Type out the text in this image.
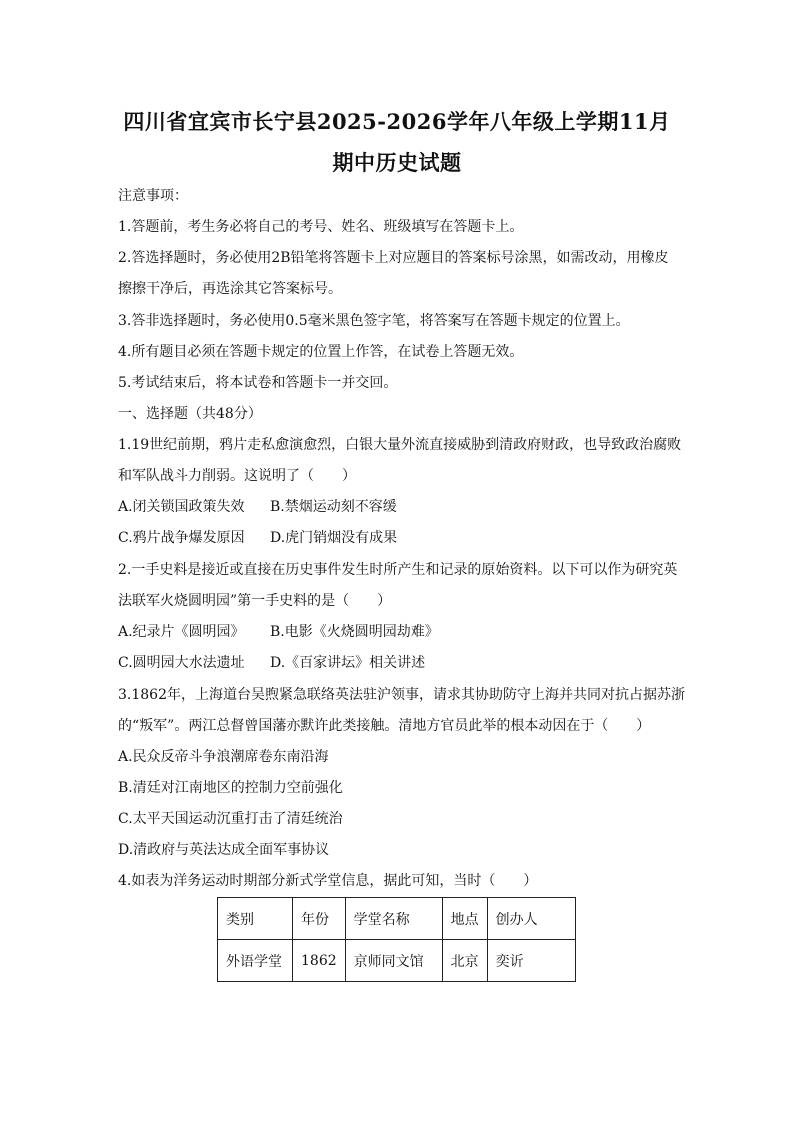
四川省宜宾市长宁县2025-2026学年八年级上学期11月
期中历史试题
注意事项：
1.答题前，考生务必将自己的考号、姓名、班级填写在答题卡上。
2.答选择题时，务必使用2B铅笔将答题卡上对应题目的答案标号涂黑，如需改动，用橡皮
擦擦干净后，再选涂其它答案标号。
3.答非选择题时，务必使用0.5毫米黑色签字笔，将答案写在答题卡规定的位置上。
4.所有题目必须在答题卡规定的位置上作答，在试卷上答题无效。
5.考试结束后，将本试卷和答题卡一并交回。
一、选择题（共48分）
1.19世纪前期，鸦片走私愈演愈烈，白银大量外流直接威胁到清政府财政，也导致政治腐败
和军队战斗力削弱。这说明了（　　）
A.闭关锁国政策失效 B.禁烟运动刻不容缓
C.鸦片战争爆发原因 D.虎门销烟没有成果
2.一手史料是接近或直接在历史事件发生时所产生和记录的原始资料。以下可以作为研究英
法联军火烧圆明园”第一手史料的是（　　）
A.纪录片《圆明园》 B.电影《火烧圆明园劫难》
C.圆明园大水法遗址 D.《百家讲坛》相关讲述
3.1862年，上海道台吴煦紧急联络英法驻沪领事，请求其协助防守上海并共同对抗占据苏浙
的“叛军”。两江总督曾国藩亦默许此类接触。清地方官员此举的根本动因在于（　　）
A.民众反帝斗争浪潮席卷东南沿海
B.清廷对江南地区的控制力空前强化
C.太平天国运动沉重打击了清廷统治
D.清政府与英法达成全面军事协议
4.如表为洋务运动时期部分新式学堂信息，据此可知，当时（　　）
类别	年份	学堂名称	地点	创办人
外语学堂	1862	京师同文馆	北京	奕䜣
